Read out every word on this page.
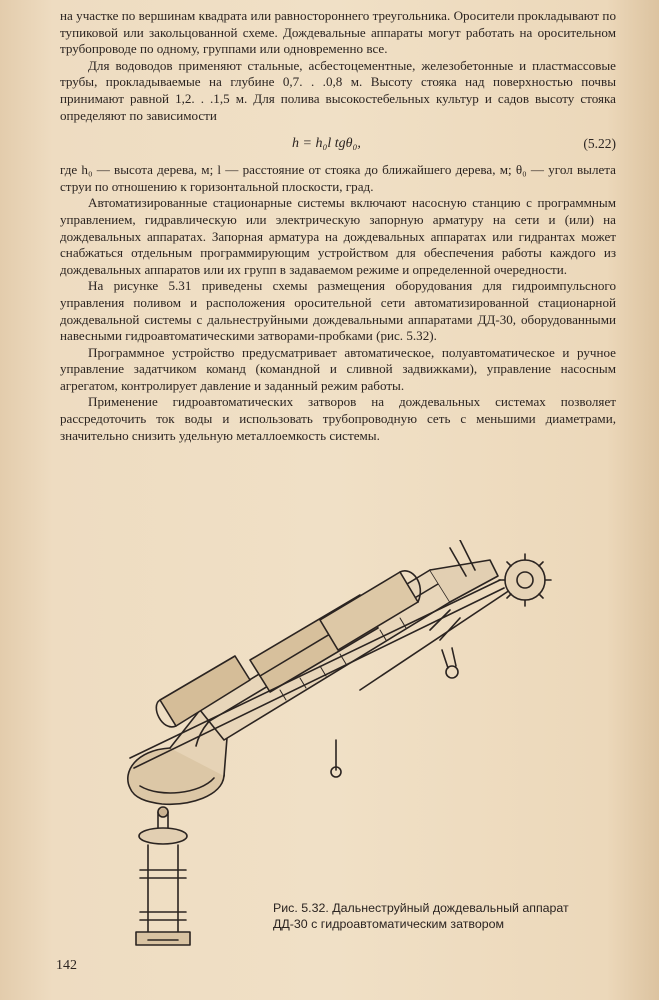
на участке по вершинам квадрата или равностороннего треугольника. Оросители прокладывают по тупиковой или закольцованной схеме. Дождевальные аппараты могут работать на оросительном трубопроводе по одному, группами или одновременно все.

Для водоводов применяют стальные, асбестоцементные, железобетонные и пластмассовые трубы, прокладываемые на глубине 0,7. . .0,8 м. Высоту стояка над поверхностью почвы принимают равной 1,2. . .1,5 м. Для полива высокостебельных культур и садов высоту стояка определяют по зависимости

h = h₀l tgθ₀,	(5.22)

где h₀ — высота дерева, м; l — расстояние от стояка до ближайшего дерева, м; θ₀ — угол вылета струи по отношению к горизонтальной плоскости, град.

Автоматизированные стационарные системы включают насосную станцию с программным управлением, гидравлическую или электрическую запорную арматуру на сети и (или) на дождевальных аппаратах. Запорная арматура на дождевальных аппаратах или гидрантах может снабжаться отдельным программирующим устройством для обеспечения работы каждого из дождевальных аппаратов или их групп в задаваемом режиме и определенной очередности.

На рисунке 5.31 приведены схемы размещения оборудования для гидроимпульсного управления поливом и расположения оросительной сети автоматизированной стационарной дождевальной системы с дальнеструйными дождевальными аппаратами ДД-30, оборудованными навесными гидроавтоматическими затворами-пробками (рис. 5.32).

Программное устройство предусматривает автоматическое, полуавтоматическое и ручное управление задатчиком команд (командной и сливной задвижками), управление насосным агрегатом, контролирует давление и заданный режим работы.

Применение гидроавтоматических затворов на дождевальных системах позволяет рассредоточить ток воды и использовать трубопроводную сеть с меньшими диаметрами, значительно снизить удельную металлоемкость системы.

Рис. 5.32. Дальнеструйный дождевальный аппарат ДД-30 с гидроавтоматическим затвором
142
